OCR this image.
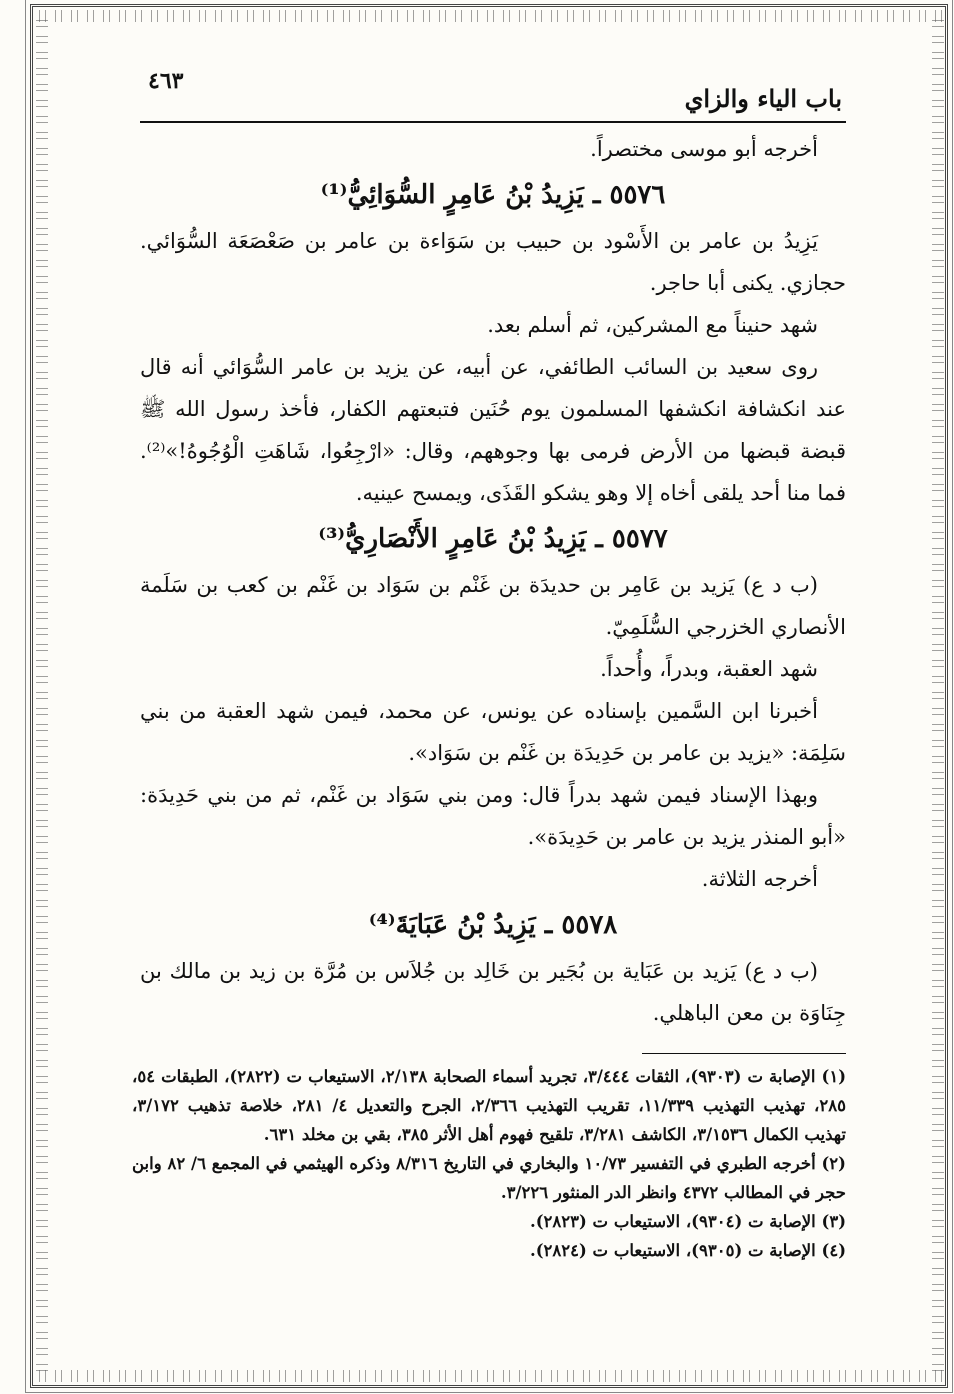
٤٦٣
باب الياء والزاي

أخرجه أبو موسى مختصراً.

٥٥٧٦ ـ يَزِيدُ بْنُ عَامِرٍ السُّوَائِيُّ⁽¹⁾

يَزِيدُ بن عامر بن الأَسْود بن حبيب بن سَوَاءة بن عامر بن صَعْصَعَة السُّوَائي. حجازي. يكنى أبا حاجر.

شهد حنيناً مع المشركين، ثم أسلم بعد.

روى سعيد بن السائب الطائفي، عن أبيه، عن يزيد بن عامر السُّوَائي أنه قال عند انكشافة انكشفها المسلمون يوم حُنَين فتبعتهم الكفار، فأخذ رسول الله ﷺ قبضة قبضها من الأرض فرمى بها وجوههم، وقال: «ارْجِعُوا، شَاهَتِ الْوُجُوهُ!»⁽²⁾. فما منا أحد يلقى أخاه إلا وهو يشكو القَذَى، ويمسح عينيه.

٥٥٧٧ ـ يَزِيدُ بْنُ عَامِرٍ الأَنْصَارِيُّ⁽³⁾

(ب د ع) يَزيد بن عَامِر بن حديدَة بن غَنْم بن سَوَاد بن غَنْم بن كعب بن سَلَمة الأنصاري الخزرجي السُّلَمِيّ.

شهد العقبة، وبدراً، وأُحداً.

أخبرنا ابن السَّمين بإسناده عن يونس، عن محمد، فيمن شهد العقبة من بني سَلِمَة: «يزيد بن عامر بن حَدِيدَة بن غَنْم بن سَوَاد».

وبهذا الإسناد فيمن شهد بدراً قال: ومن بني سَوَاد بن غَنْم، ثم من بني حَدِيدَة: «أبو المنذر يزيد بن عامر بن حَدِيدَة».

أخرجه الثلاثة.

٥٥٧٨ ـ يَزِيدُ بْنُ عَبَايَةَ⁽⁴⁾

(ب د ع) يَزيد بن عَبَاية بن بُجَير بن خَالِد بن جُلاَس بن مُرَّة بن زيد بن مالك بن جِنَاوَة بن معن الباهلي.

(١) الإصابة ت (٩٣٠٣)، الثقات ٣/٤٤٤، تجريد أسماء الصحابة ٢/١٣٨، الاستيعاب ت (٢٨٢٢)، الطبقات ٥٤، ٢٨٥، تهذيب التهذيب ١١/٣٣٩، تقريب التهذيب ٢/٣٦٦، الجرح والتعديل ٤/ ٢٨١، خلاصة تذهيب ٣/١٧٢، تهذيب الكمال ٣/١٥٣٦، الكاشف ٣/٢٨١، تلقيح فهوم أهل الأثر ٣٨٥، بقي بن مخلد ٦٣١.

(٢) أخرجه الطبري في التفسير ١٠/٧٣ والبخاري في التاريخ ٨/٣١٦ وذكره الهيثمي في المجمع ٦/ ٨٢ وابن حجر في المطالب ٤٣٧٢ وانظر الدر المنثور ٣/٢٢٦.

(٣) الإصابة ت (٩٣٠٤)، الاستيعاب ت (٢٨٢٣).

(٤) الإصابة ت (٩٣٠٥)، الاستيعاب ت (٢٨٢٤).
